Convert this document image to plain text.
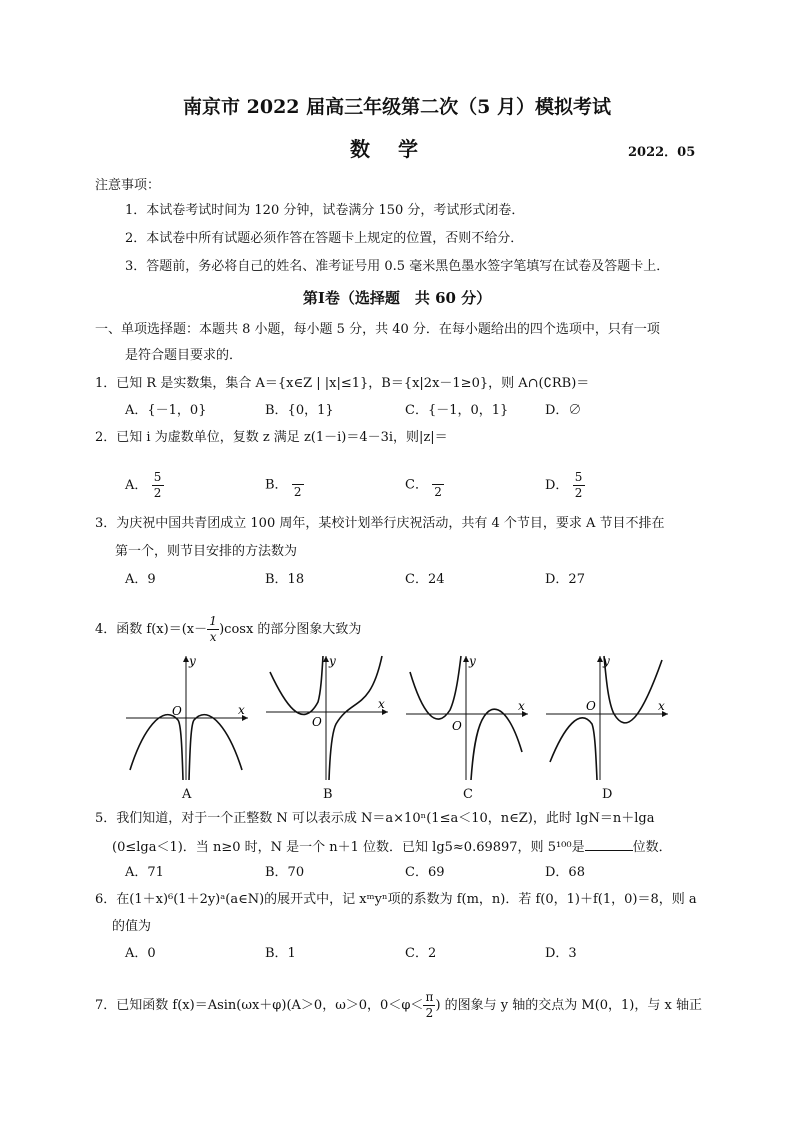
南京市 2022 届高三年级第二次（5 月）模拟考试
数学	2022．05
注意事项：
1．本试卷考试时间为 120 分钟，试卷满分 150 分，考试形式闭卷．
2．本试卷中所有试题必须作答在答题卡上规定的位置，否则不给分．
3．答题前，务必将自己的姓名、准考证号用 0.5 毫米黑色墨水签字笔填写在试卷及答题卡上．
第Ⅰ卷（选择题　共 60 分）
一、单项选择题：本题共 8 小题，每小题 5 分，共 40 分．在每小题给出的四个选项中，只有一项
是符合题目要求的．
1．已知 R 是实数集，集合 A＝{x∈Z | |x|≤1}，B＝{x|2x－1≥0}，则 A∩(∁RB)＝
A．{－1，0}	B．{0，1}	C．{－1，0，1}	D．∅
2．已知 i 为虚数单位，复数 z 满足 z(1－i)＝4－3i，则|z|＝
A． $\frac{5}{2}$	B． 2	C． 2	D． $\frac{5}{2}$
3．为庆祝中国共青团成立 100 周年，某校计划举行庆祝活动，共有 4 个节目，要求 A 节目不排在
第一个，则节目安排的方法数为
A．9	B．18	C．24	D．27
4．函数 $f(x)=(x- \frac{1}{x} )\cos x$ 的部分图象大致为
y
x
O
A
y
x
O
B
y
x
O
C
y
x
O
D
5．我们知道，对于一个正整数 N 可以表示成 N＝a×10ⁿ(1≤a＜10，n∈Z)，此时 lgN＝n＋lga
(0≤lga＜1)．当 n≥0 时，N 是一个 n＋1 位数．已知 lg5≈0.69897，则 5¹⁰⁰是	位数．
A．71	B．70	C．69	D．68
6．在(1＋x)⁶(1＋2y)ᵃ(a∈N)的展开式中，记 xᵐyⁿ项的系数为 f(m，n)．若 f(0，1)＋f(1，0)＝8，则 a
的值为
A．0	B．1	C．2	D．3
7．已知函数 f(x)＝Asin(ωx＋φ)(A＞0，ω＞0，$0<\varphi< \frac{\pi}{2}$ ) 的图象与 y 轴的交点为 M(0，1)，与 x 轴正
